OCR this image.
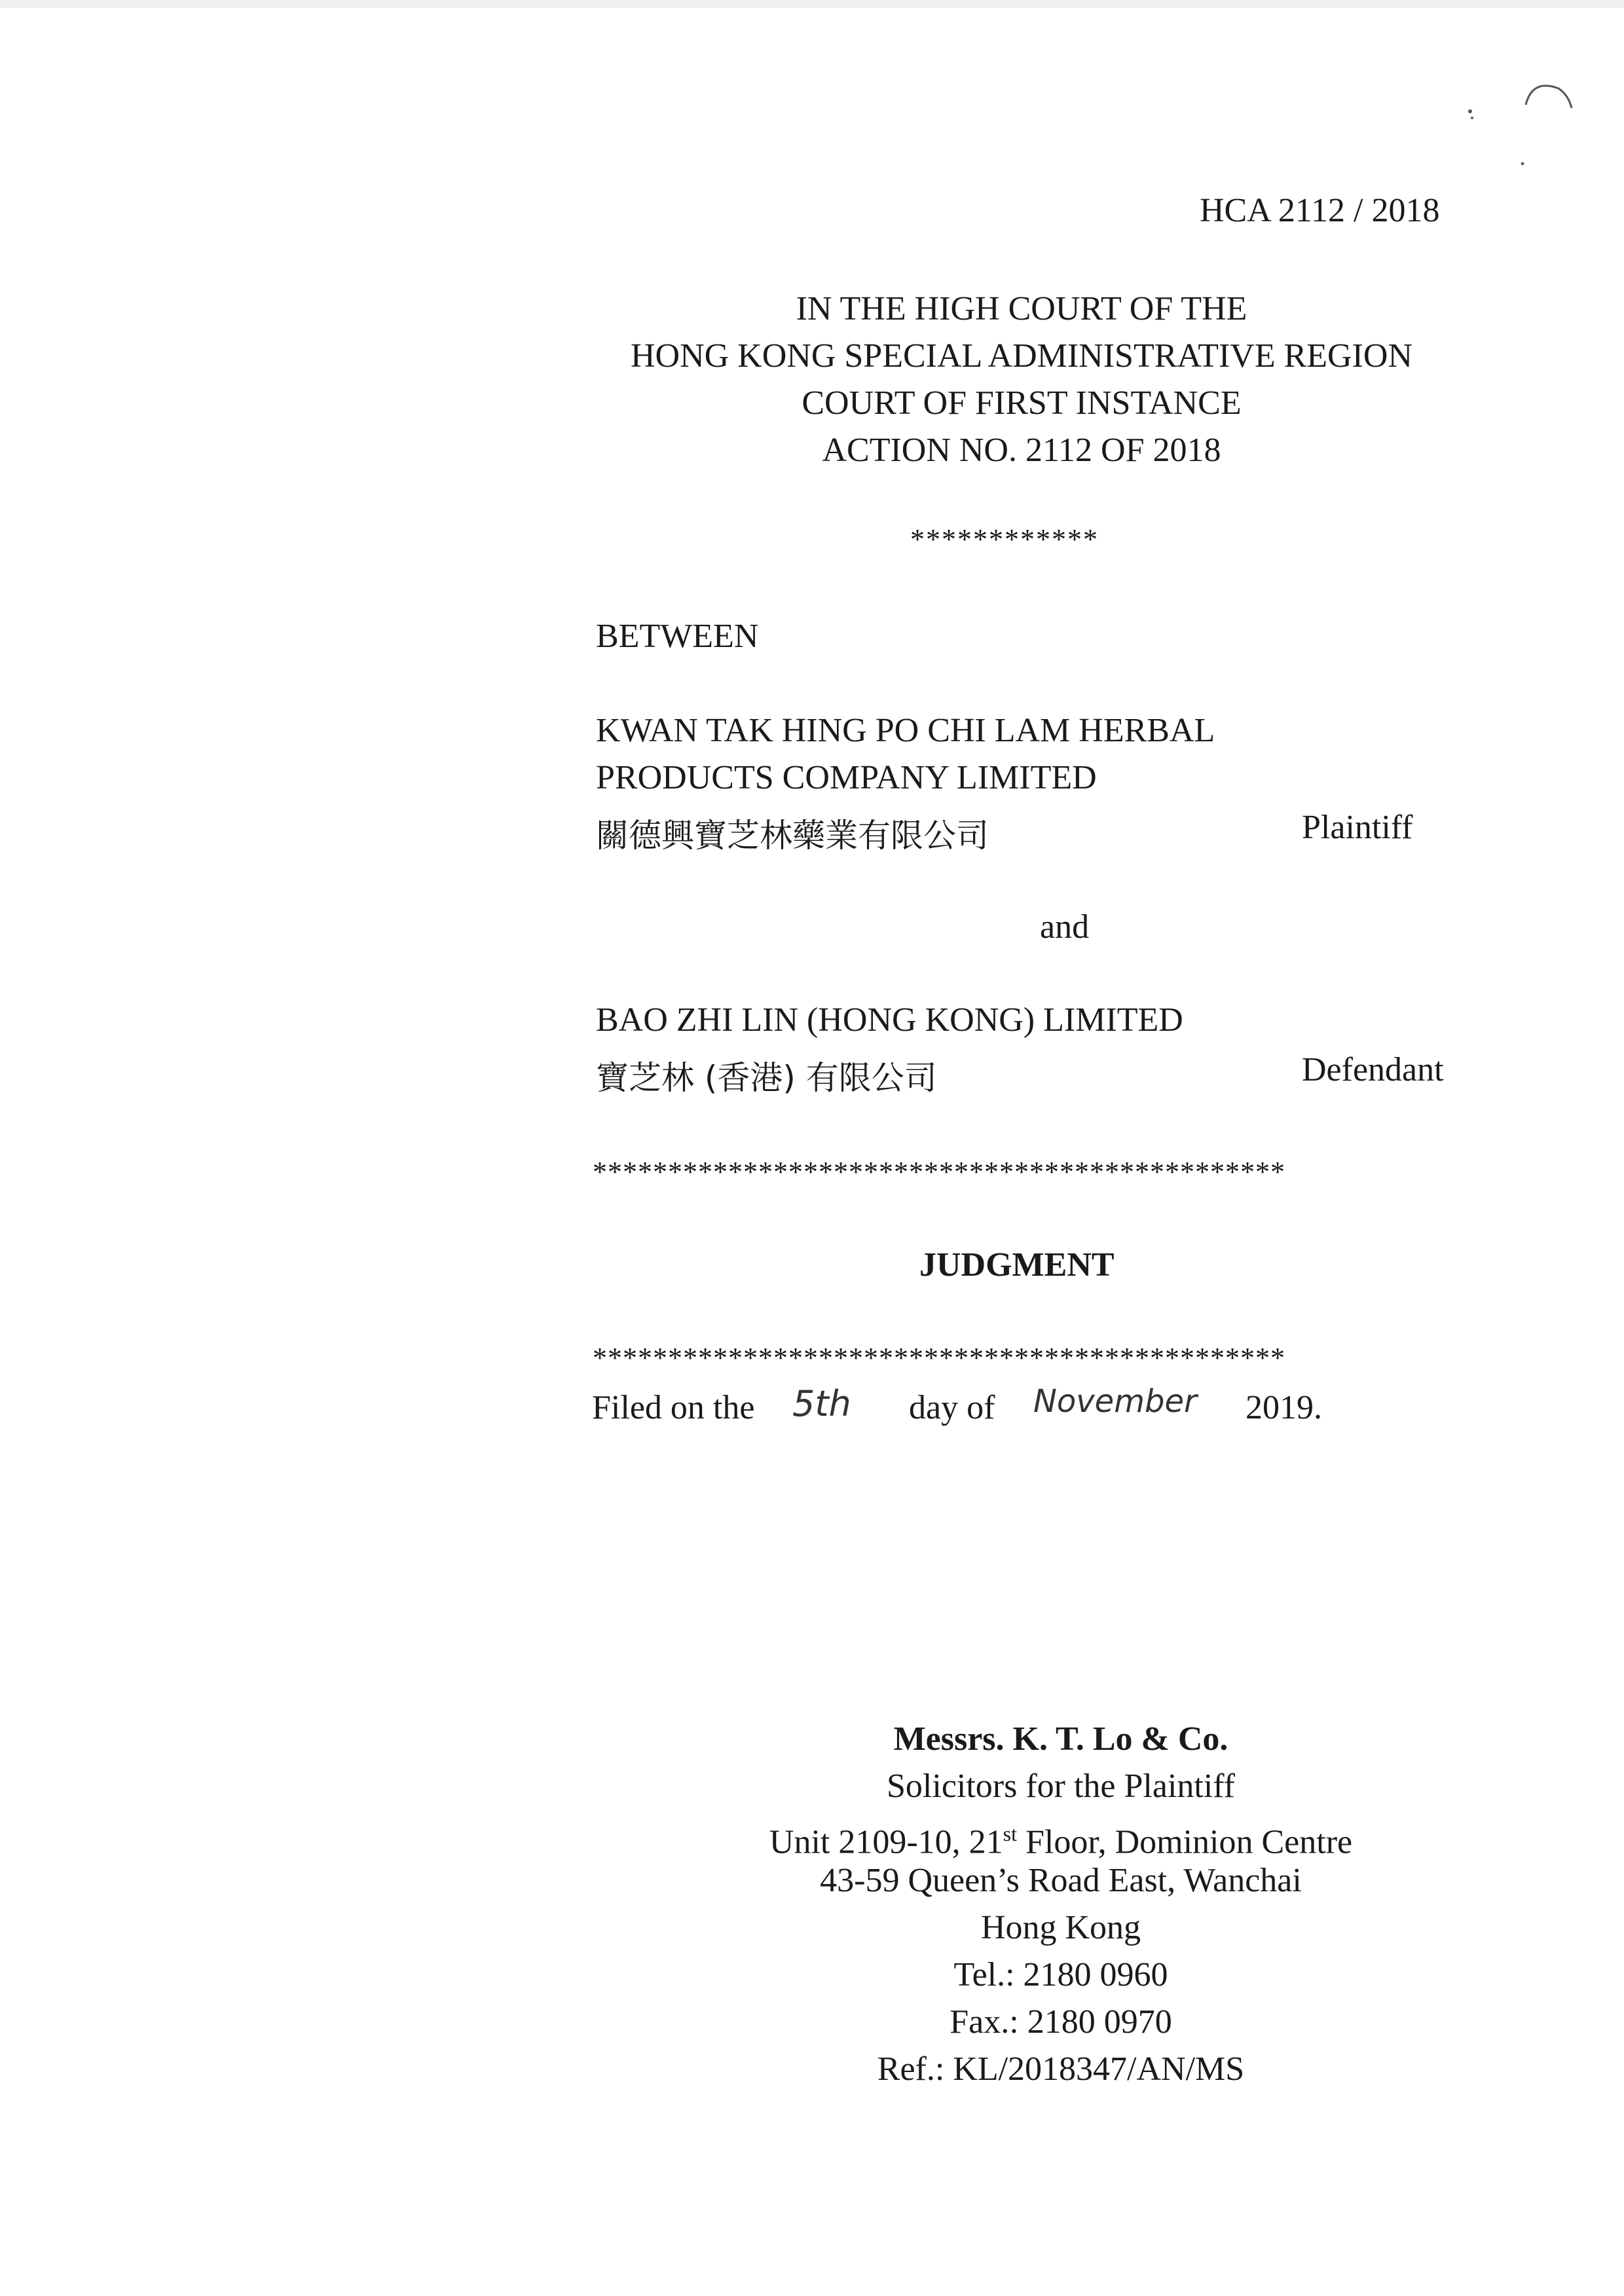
HCA 2112 / 2018
IN THE HIGH COURT OF THE
HONG KONG SPECIAL ADMINISTRATIVE REGION
COURT OF FIRST INSTANCE
ACTION NO. 2112 OF 2018
************
BETWEEN
KWAN TAK HING PO CHI LAM HERBAL
PRODUCTS COMPANY LIMITED
關德興寶芝林藥業有限公司	Plaintiff
and
BAO ZHI LIN (HONG KONG) LIMITED
寶芝林 (香港) 有限公司	Defendant
**********************************************
JUDGMENT
**********************************************
Filed on the 5th day of November 2019.
Messrs. K. T. Lo & Co.
Solicitors for the Plaintiff
Unit 2109-10, 21st Floor, Dominion Centre
43-59 Queen’s Road East, Wanchai
Hong Kong
Tel.: 2180 0960
Fax.: 2180 0970
Ref.: KL/2018347/AN/MS
